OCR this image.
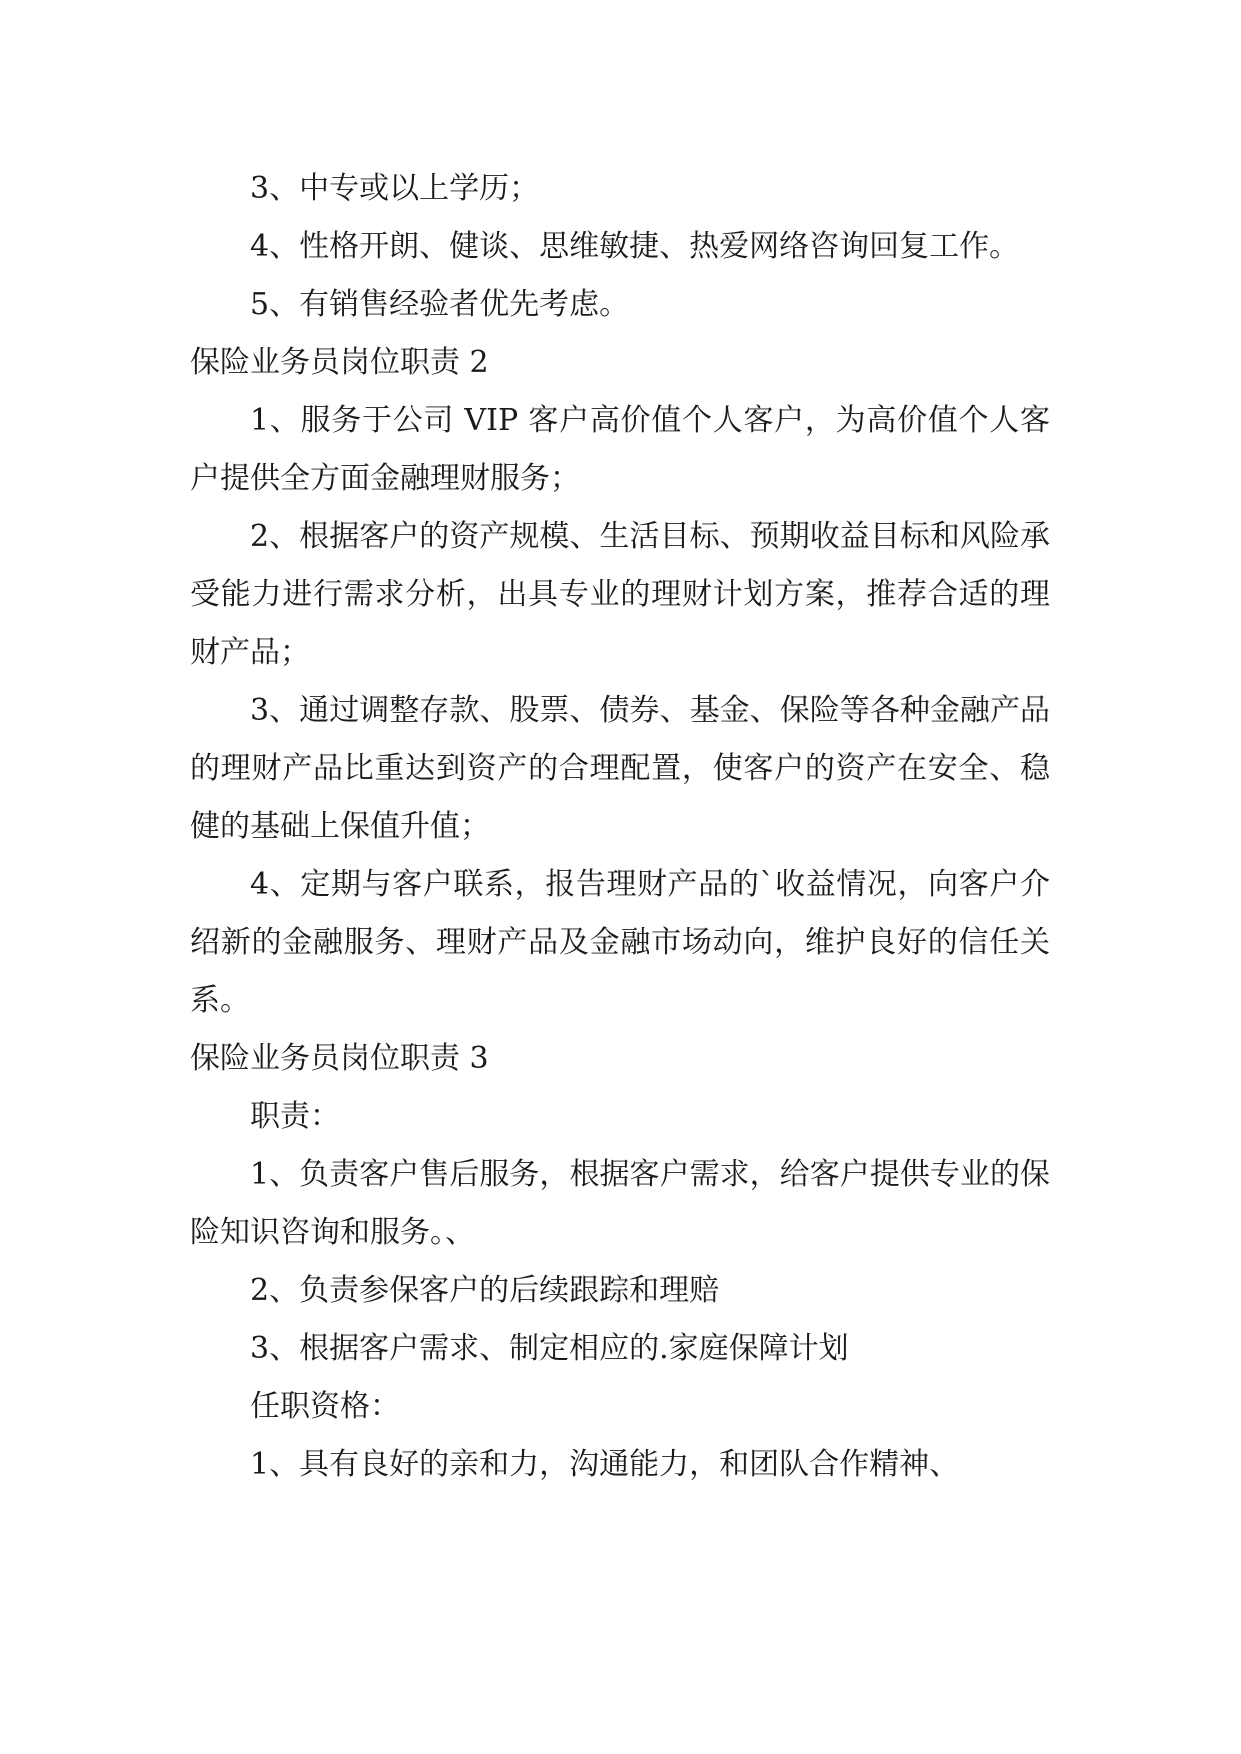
3、中专或以上学历；

4、性格开朗、健谈、思维敏捷、热爱网络咨询回复工作。

5、有销售经验者优先考虑。

保险业务员岗位职责 2

1、服务于公司 VIP 客户高价值个人客户，为高价值个人客户提供全方面金融理财服务；

2、根据客户的资产规模、生活目标、预期收益目标和风险承受能力进行需求分析，出具专业的理财计划方案，推荐合适的理财产品；

3、通过调整存款、股票、债券、基金、保险等各种金融产品的理财产品比重达到资产的合理配置，使客户的资产在安全、稳健的基础上保值升值；

4、定期与客户联系，报告理财产品的`收益情况，向客户介绍新的金融服务、理财产品及金融市场动向，维护良好的信任关系。

保险业务员岗位职责 3

职责：

1、负责客户售后服务，根据客户需求，给客户提供专业的保险知识咨询和服务。、

2、负责参保客户的后续跟踪和理赔

3、根据客户需求、制定相应的.家庭保障计划

任职资格：

1、具有良好的亲和力，沟通能力，和团队合作精神、
